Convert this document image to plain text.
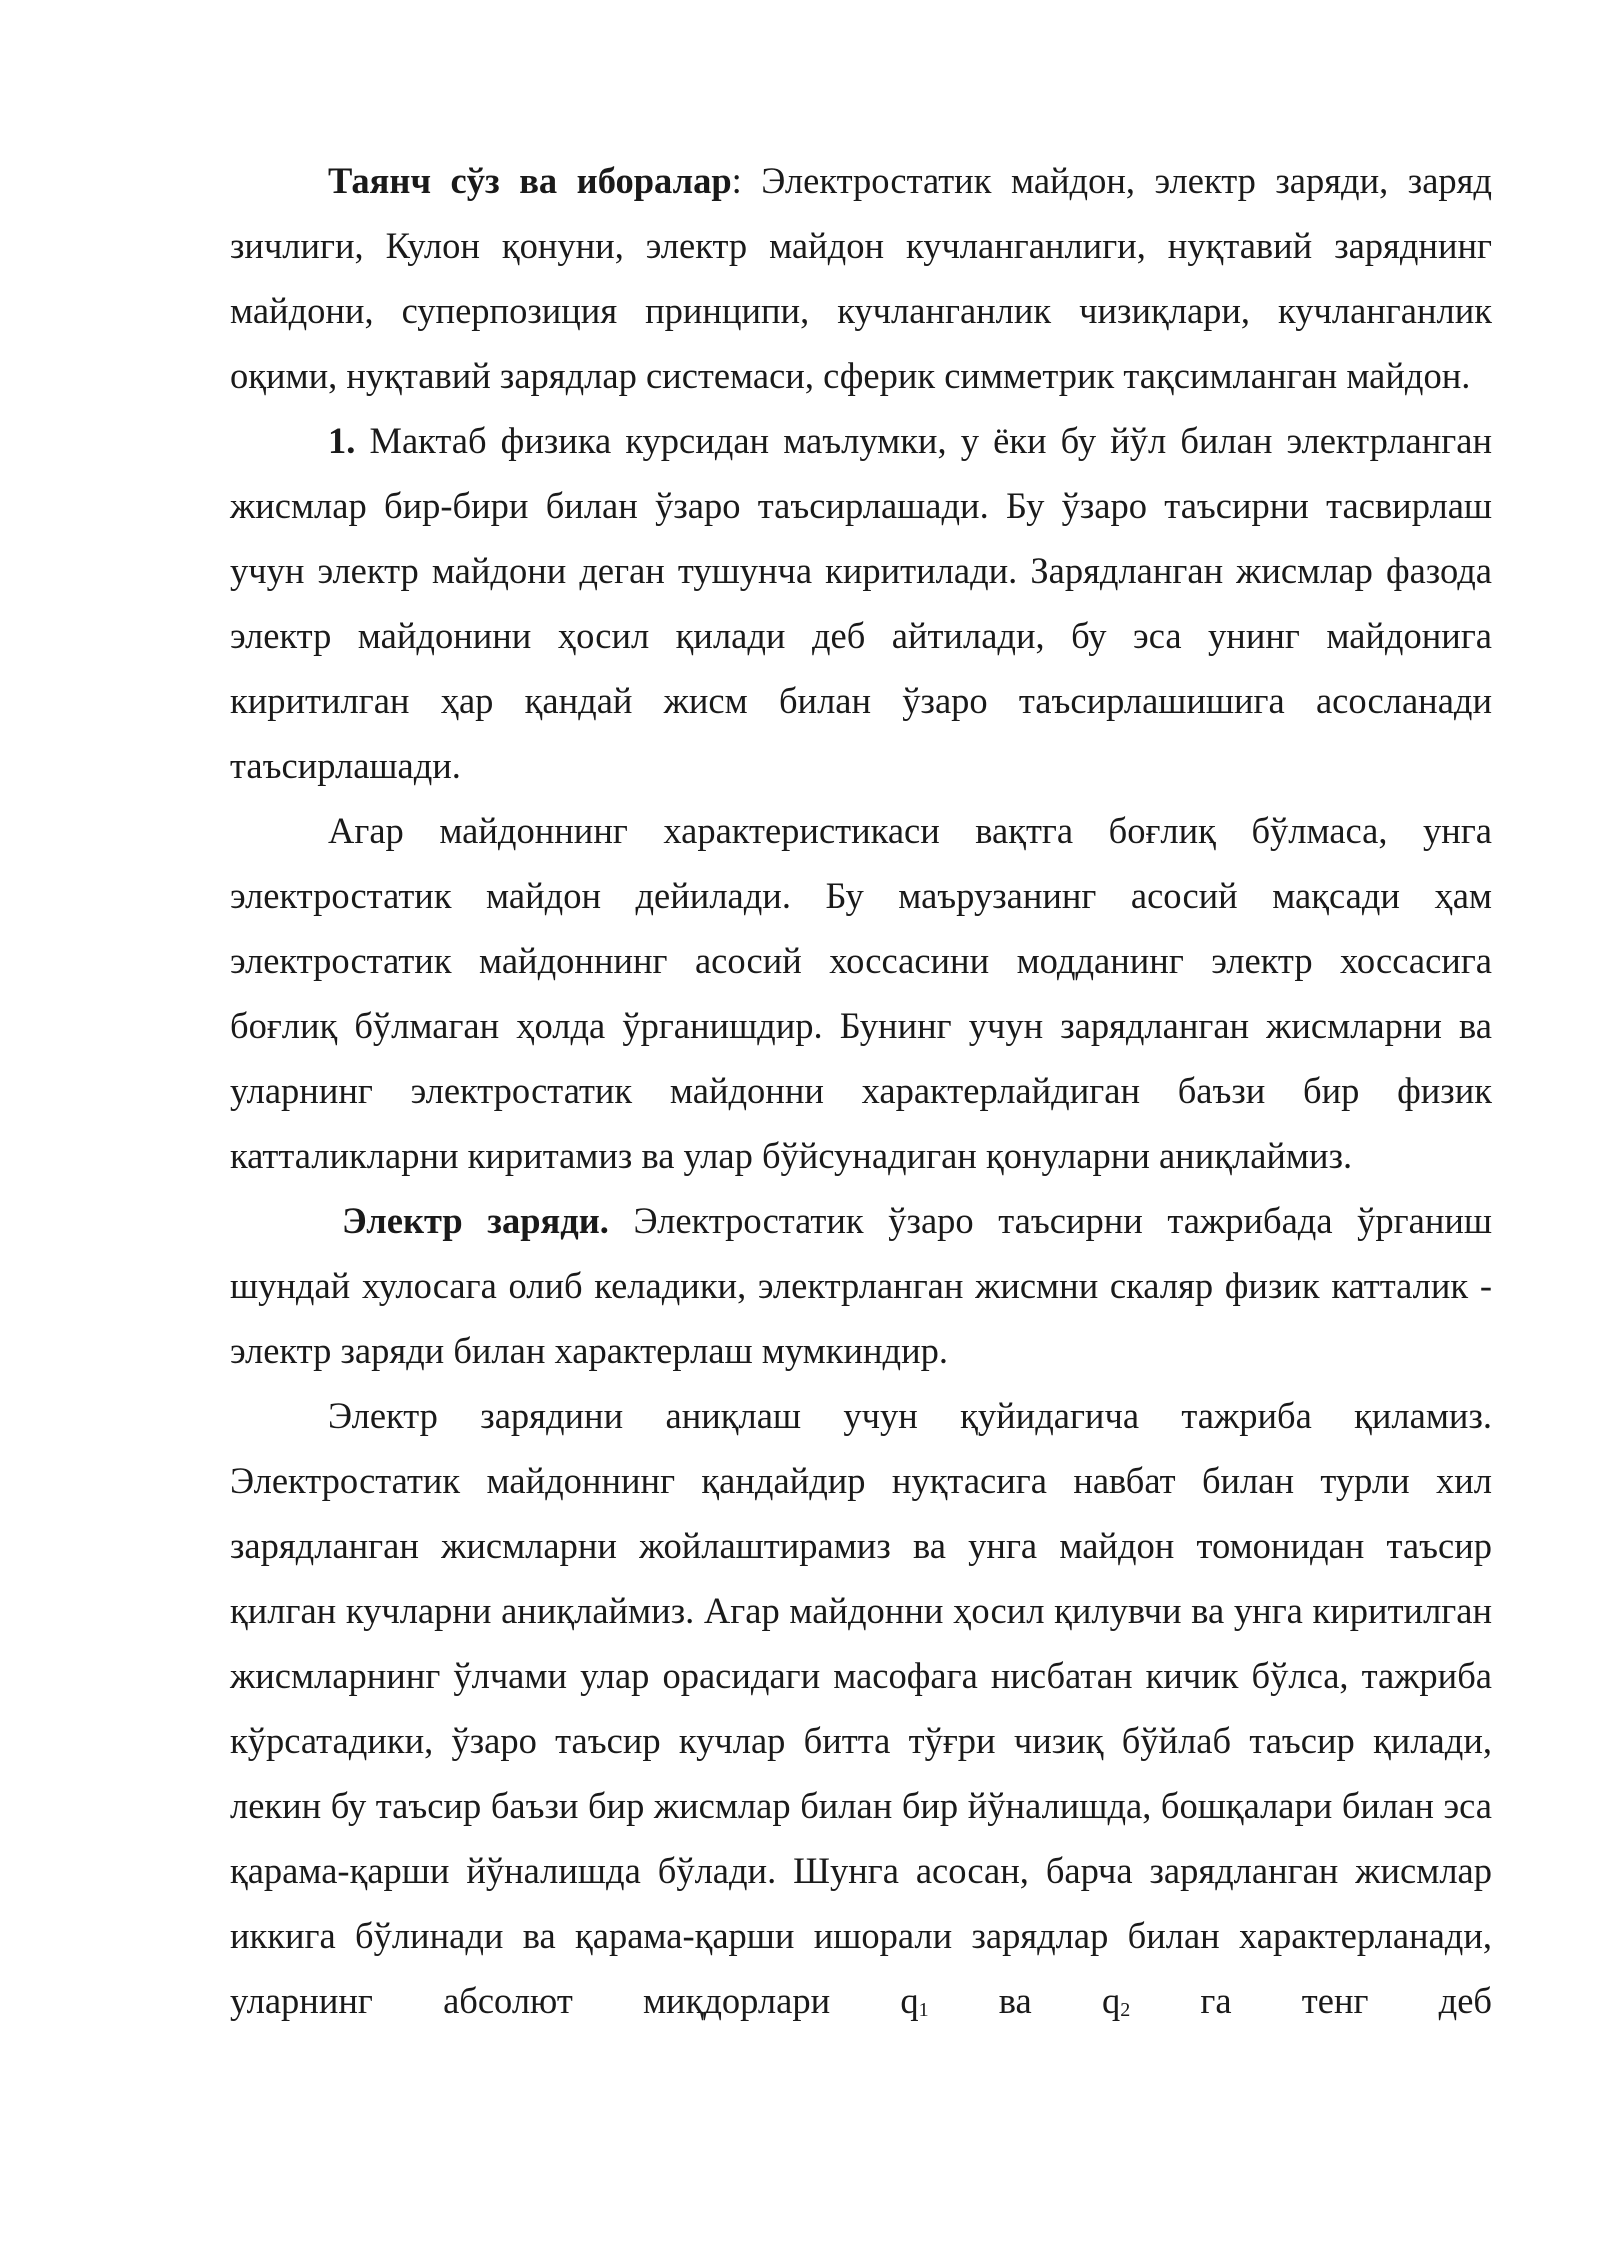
Таянч сўз ва иборалар: Электростатик майдон, электр заряди, заряд зичлиги, Кулон қонуни, электр майдон кучланганлиги, нуқтавий заряднинг майдони, суперпозиция принципи, кучланганлик чизиқлари, кучланганлик оқими, нуқтавий зарядлар системаси, сферик симметрик тақсимланган майдон.

1. Мактаб физика курсидан маълумки, у ёки бу йўл билан электрланган жисмлар бир-бири билан ўзаро таъсирлашади. Бу ўзаро таъсирни тасвирлаш учун электр майдони деган тушунча киритилади. Зарядланган жисмлар фазода электр майдонини ҳосил қилади деб айтилади, бу эса унинг майдонига киритилган ҳар қандай жисм билан ўзаро таъсирлашишига асосланади таъсирлашади.

Агар майдоннинг характеристикаси вақтга боғлиқ бўлмаса, унга электростатик майдон дейилади. Бу маърузанинг асосий мақсади ҳам электростатик майдоннинг асосий хоссасини модданинг электр хоссасига боғлиқ бўлмаган ҳолда ўрганишдир. Бунинг учун зарядланган жисмларни ва уларнинг электростатик майдонни характерлайдиган баъзи бир физик катталикларни киритамиз ва улар бўйсунадиган қонуларни аниқлаймиз.

Электр заряди. Электростатик ўзаро таъсирни тажрибада ўрганиш шундай хулосага олиб келадики, электрланган жисмни скаляр физик катталик - электр заряди билан характерлаш мумкиндир.

Электр зарядини аниқлаш учун қуйидагича тажриба қиламиз. Электростатик майдоннинг қандайдир нуқтасига навбат билан турли хил зарядланган жисмларни жойлаштирамиз ва унга майдон томонидан таъсир қилган кучларни аниқлаймиз. Агар майдонни ҳосил қилувчи ва унга киритилган жисмларнинг ўлчами улар орасидаги масофага нисбатан кичик бўлса, тажриба кўрсатадики, ўзаро таъсир кучлар битта тўғри чизиқ бўйлаб таъсир қилади, лекин бу таъсир баъзи бир жисмлар билан бир йўналишда, бошқалари билан эса қарама-қарши йўналишда бўлади. Шунга асосан, барча зарядланган жисмлар иккига бўлинади ва қарама-қарши ишорали зарядлар билан характерланади, уларнинг абсолют миқдорлари $q_1$ ва $q_2$ га тенг деб
